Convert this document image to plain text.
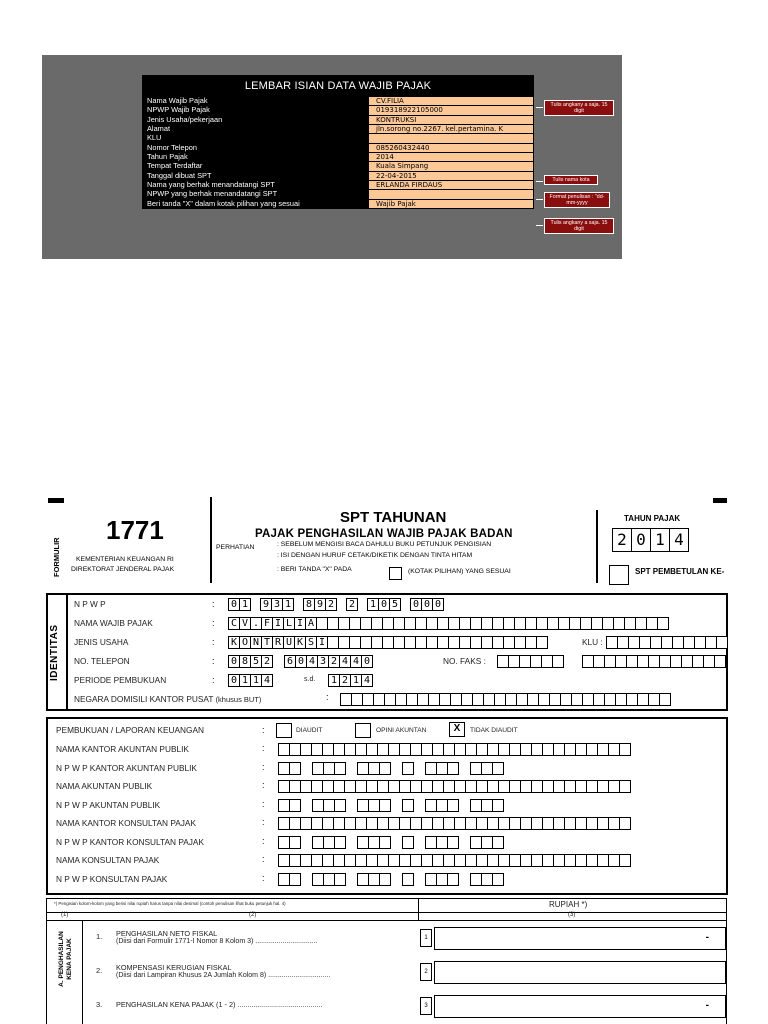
LEMBAR ISIAN DATA WAJIB PAJAK
Nama Wajib Pajak	CV.FILIA
NPWP Wajib Pajak	019318922105000
Jenis Usaha/pekerjaan	KONTRUKSI
Alamat	jln.sorong no.2267. kel.pertamina. K
KLU
Nomor Telepon	085260432440
Tahun Pajak	2014
Tempat Terdaftar	Kuala Simpang
Tanggal dibuat SPT	22-04-2015
Nama yang berhak menandatangi SPT	ERLANDA FIRDAUS
NPWP yang berhak menandatangi SPT
Beri tanda "X" dalam kotak pilihan yang sesuai	Wajib Pajak
Tulis angkany a saja. 15 digit
Tulis nama kota
Format penulisan : "dd-mm-yyyy
Tulis angkany a saja. 15 digit
FORMULIR
1771
KEMENTERIAN KEUANGAN RI
DIREKTORAT JENDERAL PAJAK
SPT TAHUNAN
PAJAK PENGHASILAN WAJIB PAJAK BADAN
PERHATIAN	: SEBELUM MENGISI BACA DAHULU BUKU PETUNJUK PENGISIAN
: ISI DENGAN HURUF CETAK/DIKETIK DENGAN TINTA HITAM
: BERI TANDA "X" PADA	(KOTAK PILIHAN) YANG SESUAI
TAHUN PAJAK
2 0 1 4
SPT PEMBETULAN KE-
IDENTITAS
N P W P	: 0 1 9 3 1 8 9 2 2 1 0 5 0 0 0
NAMA WAJIB PAJAK	: C V . F I L I A
JENIS USAHA	: K O N T R U K S I	KLU :
NO. TELEPON	: 0 8 5 2 6 0 4 3 2 4 4 0	NO. FAKS :
PERIODE PEMBUKUAN	: 0 1 1 4	s.d. 1 2 1 4
NEGARA DOMISILI KANTOR PUSAT (khusus BUT)	:
PEMBUKUAN / LAPORAN KEUANGAN	:	DIAUDIT	OPINI AKUNTAN	X	TIDAK DIAUDIT
NAMA KANTOR AKUNTAN PUBLIK	:
N P W P KANTOR AKUNTAN PUBLIK	:
NAMA AKUNTAN PUBLIK	:
N P W P AKUNTAN PUBLIK	:
NAMA KANTOR KONSULTAN PAJAK	:
N P W P KANTOR KONSULTAN PAJAK	:
NAMA KONSULTAN PAJAK	:
N P W P KONSULTAN PAJAK	:
*) Pengisian kolom-kolom yang berisi nilai rupiah harus tanpa nilai desimal (contoh penulisan lihat buku petunjuk hal. 4)	RUPIAH *)
(1)	(2)	(3)
A. PENGHASILAN KENA PAJAK
1. PENGHASILAN NETO FISKAL
(Diisi dari Formulir 1771-I Nomor 8 Kolom 3) ................................	1	-
2. KOMPENSASI KERUGIAN FISKAL
(Diisi dari Lampiran Khusus 2A Jumlah Kolom 8) ................................	2
3. PENGHASILAN KENA PAJAK (1 - 2) ..........................................	3	-
